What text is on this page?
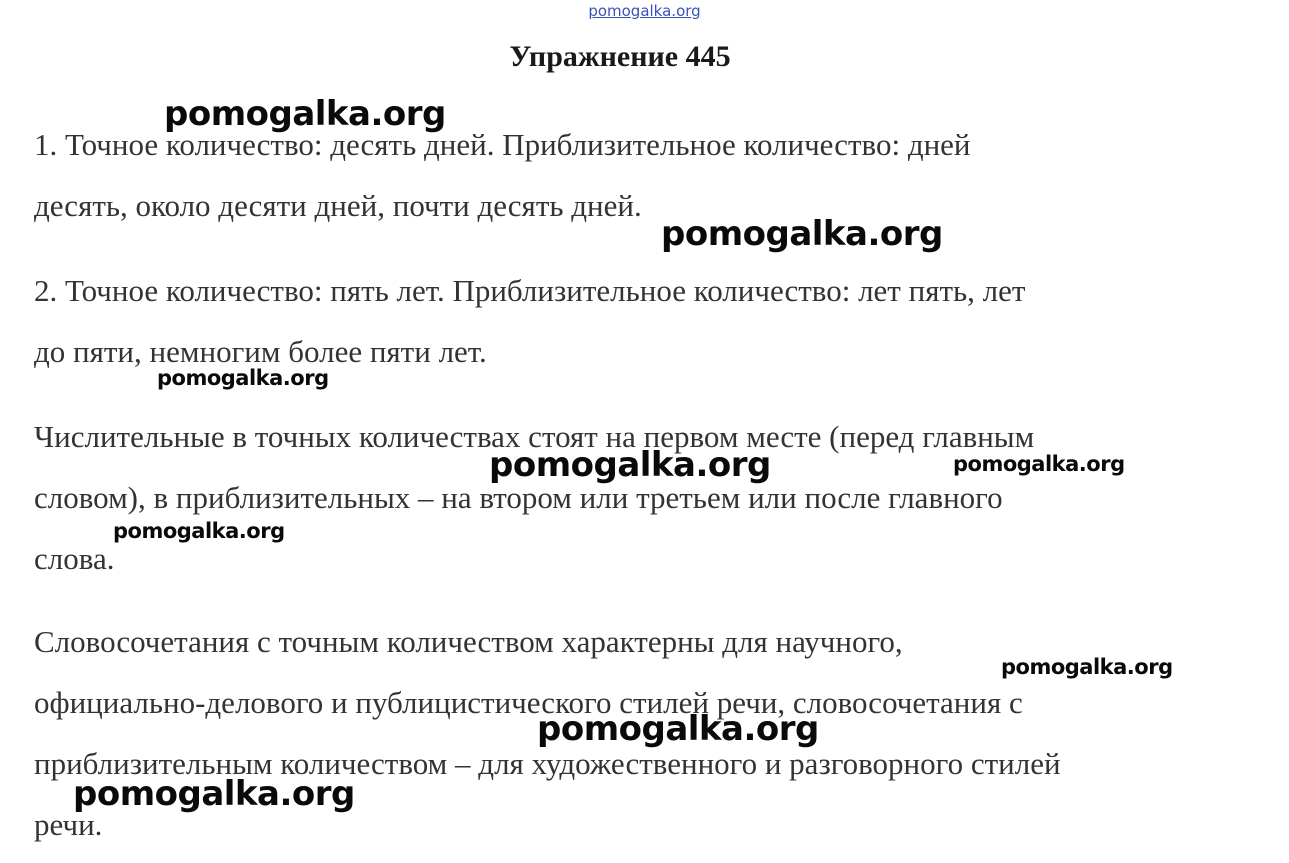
pomogalka.org
Упражнение 445

1. Точное количество: десять дней. Приблизительное количество: дней
десять, около десяти дней, почти десять дней.

2. Точное количество: пять лет. Приблизительное количество: лет пять, лет
до пяти, немногим более пяти лет.

Числительные в точных количествах стоят на первом месте (перед главным
словом), в приблизительных – на втором или третьем или после главного
слова.

Словосочетания с точным количеством характерны для научного,
официально-делового и публицистического стилей речи, словосочетания с
приблизительным количеством – для художественного и разговорного стилей
речи.

pomogalka.org
pomogalka.org
pomogalka.org
pomogalka.org	pomogalka.org
pomogalka.org
pomogalka.org
pomogalka.org
pomogalka.org
